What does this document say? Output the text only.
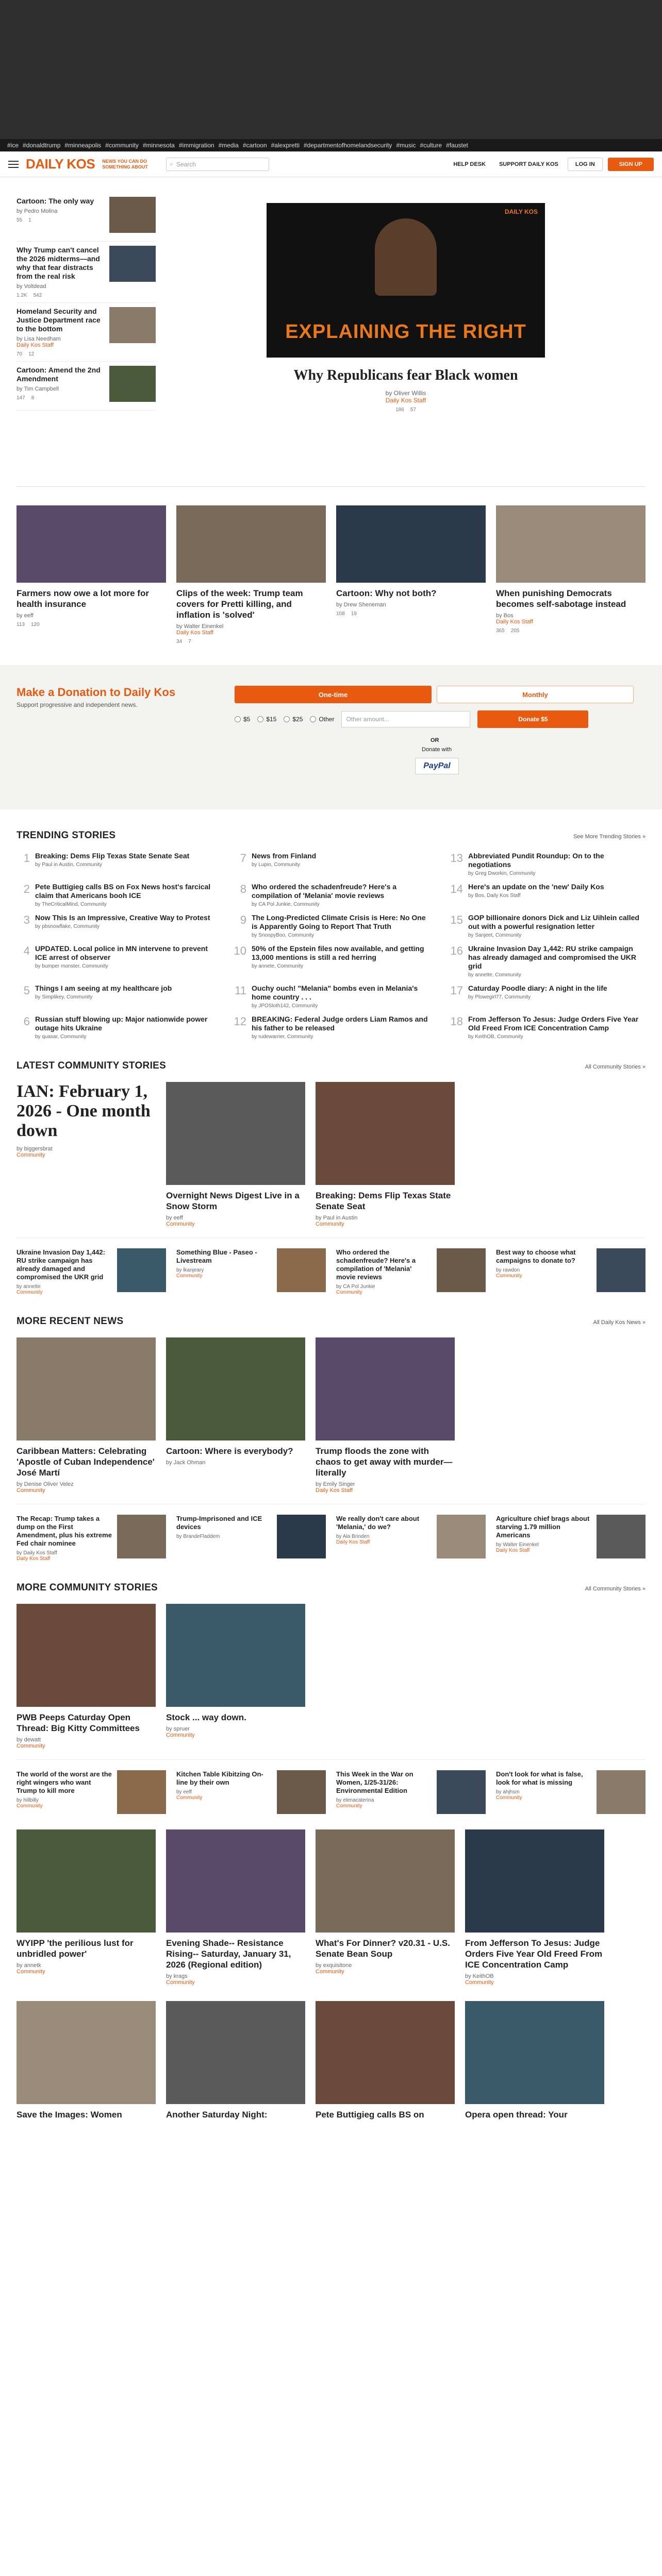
#ice #donaldtrump #minneapolis #community #minnesota #immigration #media #cartoon #alexpretti #departmentofhomelandsecurity #music #culture #faustet
DAILY KOS NEWS YOU CAN DO SOMETHING ABOUT	⌕ Search	HELP DESK	SUPPORT DAILY KOS	LOG IN	SIGN UP
Cartoon: The only way
by Pedro Molina
55 1
Why Trump can't cancel the 2026 midterms—and why that fear distracts from the real risk
by Voltdead
1.2K 542
Homeland Security and Justice Department race to the bottom
by Lisa Needham
Daily Kos Staff
70 12
Cartoon: Amend the 2nd Amendment
by Tim Campbell
147 8
DAILY KOS
EXPLAINING THE RIGHT
Why Republicans fear Black women
by Oliver Willis
Daily Kos Staff
186 57
Farmers now owe a lot more for health insurance
by eeff
113 120
Clips of the week: Trump team covers for Pretti killing, and inflation is 'solved'
by Walter Einenkel
Daily Kos Staff
34 7
Cartoon: Why not both?
by Drew Sheneman
108 19
When punishing Democrats becomes self-sabotage instead
by Bos
Daily Kos Staff
365 205
Make a Donation to Daily Kos
Support progressive and independent news.
One-time	Monthly
$5	$15	$25	Other	Other amount...	Donate $5
OR
Donate with
PayPal
TRENDING STORIES	See More Trending Stories »
1 Breaking: Dems Flip Texas State Senate Seat
by Paul in Austin, Community
7 News from Finland
by Lupin, Community
13 Abbreviated Pundit Roundup: On to the negotiations
by Greg Dworkin, Community
2 Pete Buttigieg calls BS on Fox News host's farcical claim that Americans booh ICE
by TheCriticalMind, Community
8 Who ordered the schadenfreude? Here's a compilation of 'Melania' movie reviews
by CA Pol Junkie, Community
14 Here's an update on the 'new' Daily Kos
by Bos, Daily Kos Staff
3 Now This Is an Impressive, Creative Way to Protest
by pbsnowflake, Community
9 The Long-Predicted Climate Crisis is Here: No One is Apparently Going to Report That Truth
by SnoopyBoo, Community
15 GOP billionaire donors Dick and Liz Uihlein called out with a powerful resignation letter
by Sanjeet, Community
4 UPDATED. Local police in MN intervene to prevent ICE arrest of observer
by bumper monster, Community
10 50% of the Epstein files now available, and getting 13,000 mentions is still a red herring
by annete, Community
16 Ukraine Invasion Day 1,442: RU strike campaign has already damaged and compromised the UKR grid
by annette, Community
5 Things I am seeing at my healthcare job
by Simplikey, Community
11 Ouchy ouch! "Melania" bombs even in Melania's home country . . .
by JPOSloth142, Community
17 Caturday Poodle diary: A night in the life
by Plowegirl77, Community
6 Russian stuff blowing up: Major nationwide power outage hits Ukraine
by quasar, Community
12 BREAKING: Federal Judge orders Liam Ramos and his father to be released
by rudewarrier, Community
18 From Jefferson To Jesus: Judge Orders Five Year Old Freed From ICE Concentration Camp
by KeithOB, Community
LATEST COMMUNITY STORIES	All Community Stories »
IAN: February 1, 2026 - One month down
by biggersbrat
Community
Overnight News Digest Live in a Snow Storm
by eeff
Community
Breaking: Dems Flip Texas State Senate Seat
by Paul in Austin
Community
Ukraine Invasion Day 1,442: RU strike campaign has already damaged and compromised the UKR grid
by annette
Community
Something Blue - Paseo - Livestream
by lkanjeary
Community
Who ordered the schadenfreude? Here's a compilation of 'Melania' movie reviews
by CA Pol Junkie
Community
Best way to choose what campaigns to donate to?
by rawdon
Community
MORE RECENT NEWS	All Daily Kos News »
Caribbean Matters: Celebrating 'Apostle of Cuban Independence' José Martí
by Denise Oliver Velez
Community
Cartoon: Where is everybody?
by Jack Ohman
Trump floods the zone with chaos to get away with murder—literally
by Emily Singer
Daily Kos Staff
The Recap: Trump takes a dump on the First Amendment, plus his extreme Fed chair nominee
by Daily Kos Staff
Daily Kos Staff
Trump-Imprisoned and ICE devices
by BrandeFladdem
We really don't care about 'Melania,' do we?
by Ala Brinden
Daily Kos Staff
Agriculture chief brags about starving 1.79 million Americans
by Walter Einenkel
Daily Kos Staff
MORE COMMUNITY STORIES	All Community Stories »
PWB Peeps Caturday Open Thread: Big Kitty Committees
by dewatt
Community
Stock ... way down.
by spruer
Community
The world of the worst are the right wingers who want Trump to kill more
by hillbilly
Community
Kitchen Table Kibitzing On-line by their own
by eeff
Community
This Week in the War on Women, 1/25-31/26: Environmental Edition
by elenacaterina
Community
Don't look for what is false, look for what is missing
by ahjhsm
Community
WYIPP 'the perilious lust for unbridled power'
by annetk
Community
Evening Shade-- Resistance Rising-- Saturday, January 31, 2026 (Regional edition)
by krags
Community
What's For Dinner? v20.31 - U.S. Senate Bean Soup
by exquisitone
Community
From Jefferson To Jesus: Judge Orders Five Year Old Freed From ICE Concentration Camp
by KeithOB
Community
Save the Images: Women	Another Saturday Night:	Pete Buttigieg calls BS on	Opera open thread: Your
